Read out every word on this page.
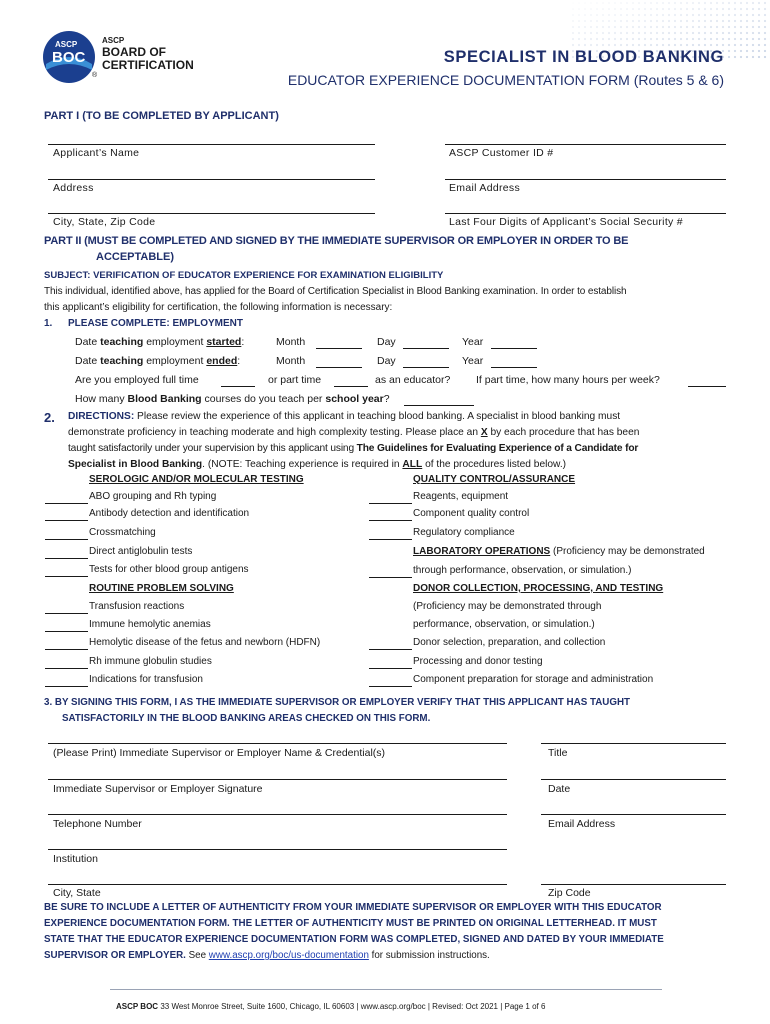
ASCP
BOC
ASCP
BOARD OF
CERTIFICATION
®
SPECIALIST IN BLOOD BANKING
EDUCATOR EXPERIENCE DOCUMENTATION FORM (Routes 5 & 6)
PART I (TO BE COMPLETED BY APPLICANT)
Applicant’s Name	ASCP Customer ID #
Address	Email Address
City, State, Zip Code	Last Four Digits of Applicant’s Social Security #
PART II (MUST BE COMPLETED AND SIGNED BY THE IMMEDIATE SUPERVISOR OR EMPLOYER IN ORDER TO BE
ACCEPTABLE)
SUBJECT: VERIFICATION OF EDUCATOR EXPERIENCE FOR EXAMINATION ELIGIBILITY
This individual, identified above, has applied for the Board of Certification Specialist in Blood Banking examination. In order to establish
this applicant’s eligibility for certification, the following information is necessary:
1. PLEASE COMPLETE: EMPLOYMENT
Date teaching employment started:	Month	Day	Year
Date teaching employment ended:	Month	Day	Year
Are you employed full time	or part time	as an educator? If part time, how many hours per week?
How many Blood Banking courses do you teach per school year?
2. DIRECTIONS: Please review the experience of this applicant in teaching blood banking. A specialist in blood banking must
demonstrate proficiency in teaching moderate and high complexity testing. Please place an X by each procedure that has been
taught satisfactorily under your supervision by this applicant using The Guidelines for Evaluating Experience of a Candidate for
Specialist in Blood Banking. (NOTE: Teaching experience is required in ALL of the procedures listed below.)
SEROLOGIC AND/OR MOLECULAR TESTING
ABO grouping and Rh typing
Antibody detection and identification
Crossmatching
Direct antiglobulin tests
Tests for other blood group antigens
ROUTINE PROBLEM SOLVING
Transfusion reactions
Immune hemolytic anemias
Hemolytic disease of the fetus and newborn (HDFN)
Rh immune globulin studies
Indications for transfusion
QUALITY CONTROL/ASSURANCE
Reagents, equipment
Component quality control
Regulatory compliance
LABORATORY OPERATIONS (Proficiency may be demonstrated
through performance, observation, or simulation.)
DONOR COLLECTION, PROCESSING, AND TESTING
(Proficiency may be demonstrated through
performance, observation, or simulation.)
Donor selection, preparation, and collection
Processing and donor testing
Component preparation for storage and administration
3. BY SIGNING THIS FORM, I AS THE IMMEDIATE SUPERVISOR OR EMPLOYER VERIFY THAT THIS APPLICANT HAS TAUGHT
SATISFACTORILY IN THE BLOOD BANKING AREAS CHECKED ON THIS FORM.
(Please Print) Immediate Supervisor or Employer Name & Credential(s)	Title
Immediate Supervisor or Employer Signature	Date
Telephone Number	Email Address
Institution
City, State	Zip Code
BE SURE TO INCLUDE A LETTER OF AUTHENTICITY FROM YOUR IMMEDIATE SUPERVISOR OR EMPLOYER WITH THIS EDUCATOR
EXPERIENCE DOCUMENTATION FORM. THE LETTER OF AUTHENTICITY MUST BE PRINTED ON ORIGINAL LETTERHEAD. IT MUST
STATE THAT THE EDUCATOR EXPERIENCE DOCUMENTATION FORM WAS COMPLETED, SIGNED AND DATED BY YOUR IMMEDIATE
SUPERVISOR OR EMPLOYER. See www.ascp.org/boc/us-documentation for submission instructions.
ASCP BOC 33 West Monroe Street, Suite 1600, Chicago, IL 60603 | www.ascp.org/boc | Revised: Oct 2021 | Page 1 of 6
